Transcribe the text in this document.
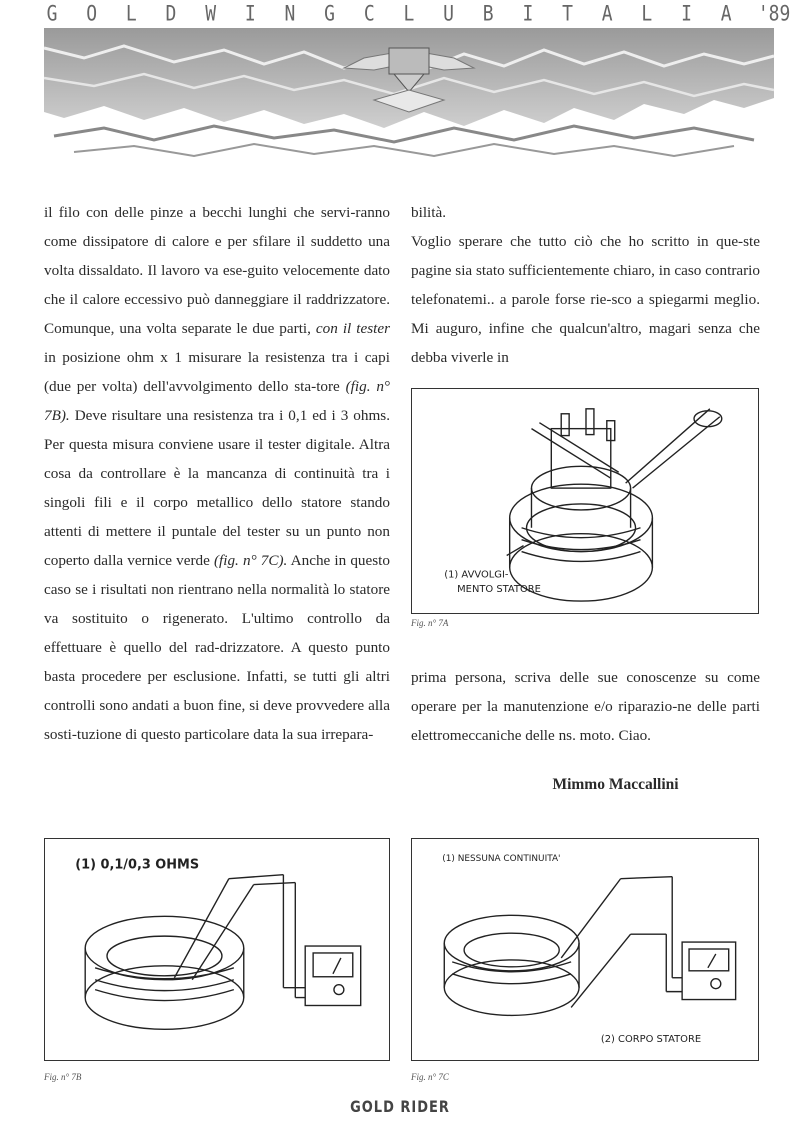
G O L D W I N G C L U B I T A L I A '89

il filo con delle pinze a becchi lunghi che servi-ranno come dissipatore di calore e per sfilare il suddetto una volta dissaldato. Il lavoro va ese-guito velocemente dato che il calore eccessivo può danneggiare il raddrizzatore. Comunque, una volta separate le due parti, con il tester in posizione ohm x 1 misurare la resistenza tra i capi (due per volta) dell'avvolgimento dello sta-tore (fig. n° 7B). Deve risultare una resistenza tra i 0,1 ed i 3 ohms. Per questa misura conviene usare il tester digitale. Altra cosa da controllare è la mancanza di continuità tra i singoli fili e il corpo metallico dello statore stando attenti di mettere il puntale del tester su un punto non coperto dalla vernice verde (fig. n° 7C). Anche in questo caso se i risultati non rientrano nella normalità lo statore va sostituito o rigenerato. L'ultimo controllo da effettuare è quello del rad-drizzatore. A questo punto basta procedere per esclusione. Infatti, se tutti gli altri controlli sono andati a buon fine, si deve provvedere alla sosti-tuzione di questo particolare data la sua irrepara-

bilità.

Voglio sperare che tutto ciò che ho scritto in que-ste pagine sia stato sufficientemente chiaro, in caso contrario telefonatemi.. a parole forse rie-sco a spiegarmi meglio. Mi auguro, infine che qualcun'altro, magari senza che debba viverle in

(1) AVVOLGI-
MENTO STATORE
Fig. n° 7A

prima persona, scriva delle sue conoscenze su come operare per la manutenzione e/o riparazio-ne delle parti elettromeccaniche delle ns. moto. Ciao.

Mimmo Maccallini
(1) 0,1/0,3 OHMS
Fig. n° 7B
(1) NESSUNA CONTINUITA'
(2) CORPO STATORE
Fig. n° 7C
GOLD RIDER
